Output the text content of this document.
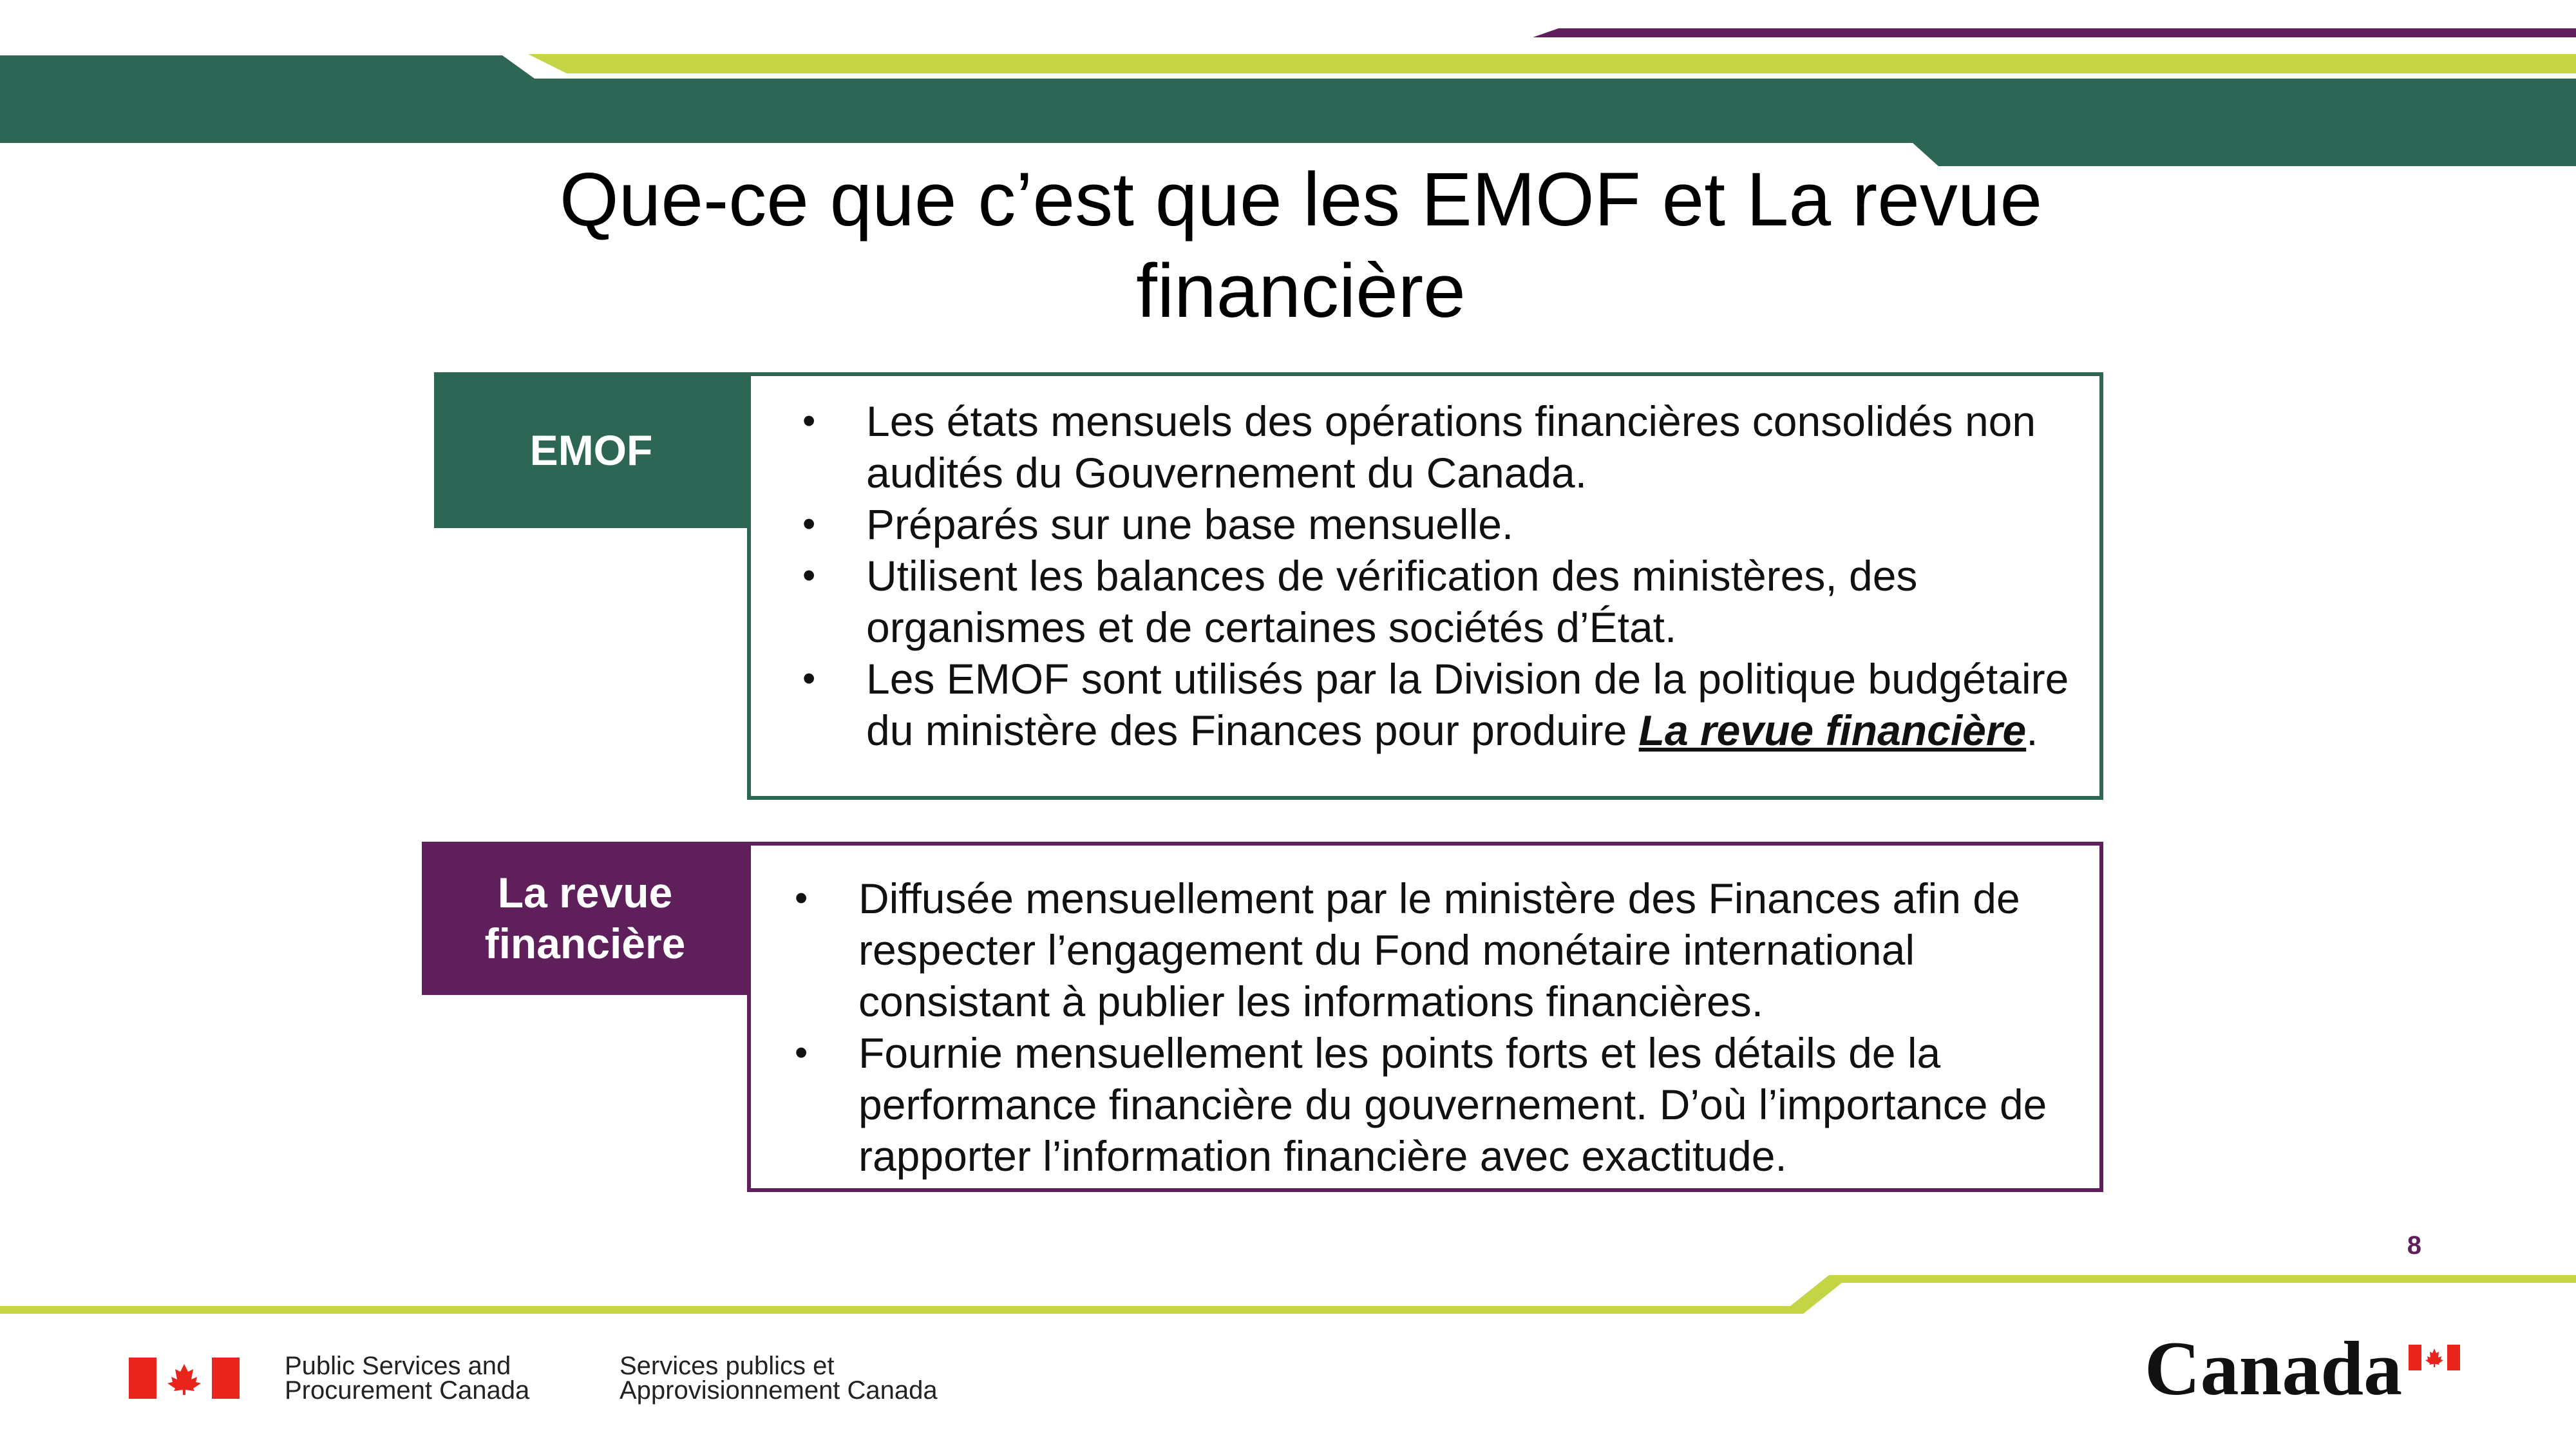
Que-ce que c’est que les EMOF et La revue financière
EMOF
• Les états mensuels des opérations financières consolidés non audités du Gouvernement du Canada.
• Préparés sur une base mensuelle.
• Utilisent les balances de vérification des ministères, des organismes et de certaines sociétés d’État.
• Les EMOF sont utilisés par la Division de la politique budgétaire du ministère des Finances pour produire La revue financière.
La revue financière
• Diffusée mensuellement par le ministère des Finances afin de respecter l’engagement du Fond monétaire international consistant à publier les informations financières.
• Fournie mensuellement les points forts et les détails de la performance financière du gouvernement. D’où l’importance de rapporter l’information financière avec exactitude.
8
Public Services and
Procurement Canada
Services publics et
Approvisionnement Canada	Canada
